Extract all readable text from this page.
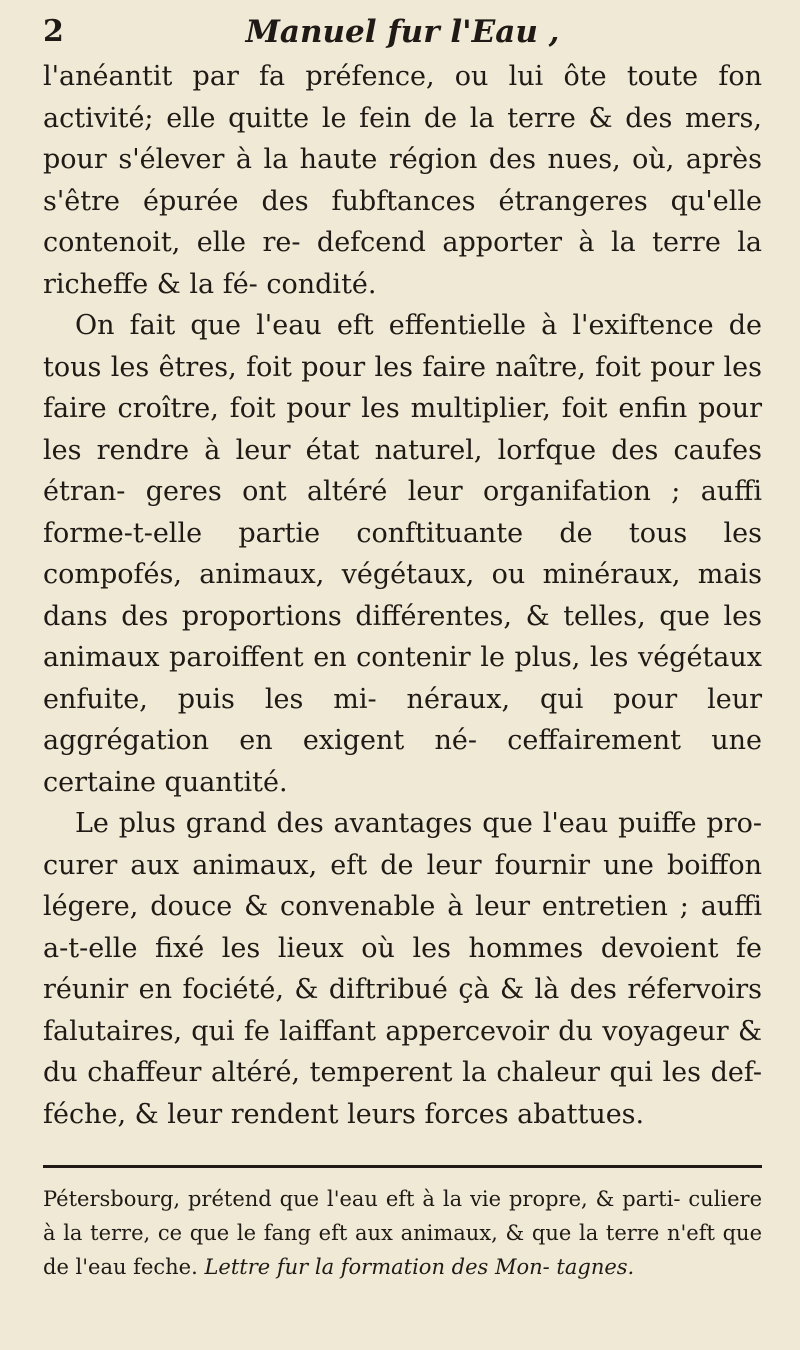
2	Manuel fur l'Eau ,

l'anéantit par fa préfence, ou lui ôte toute fon activité; elle quitte le fein de la terre & des mers, pour s'élever à la haute région des nues, où, après s'être épurée des fubftances étrangeres qu'elle contenoit, elle re- defcend apporter à la terre la richeffe & la fé- condité.

On fait que l'eau eft effentielle à l'exiftence de tous les êtres, foit pour les faire naître, foit pour les faire croître, foit pour les multiplier, foit enfin pour les rendre à leur état naturel, lorfque des caufes étran- geres ont altéré leur organifation ; auffi forme-t-elle partie conftituante de tous les compofés, animaux, végétaux, ou minéraux, mais dans des proportions différentes, & telles, que les animaux paroiffent en contenir le plus, les végétaux enfuite, puis les mi- néraux, qui pour leur aggrégation en exigent né- ceffairement une certaine quantité.

Le plus grand des avantages que l'eau puiffe pro- curer aux animaux, eft de leur fournir une boiffon légere, douce & convenable à leur entretien ; auffi a-t-elle fixé les lieux où les hommes devoient fe réunir en fociété, & diftribué çà & là des réfervoirs falutaires, qui fe laiffant appercevoir du voyageur & du chaffeur altéré, temperent la chaleur qui les def- féche, & leur rendent leurs forces abattues.

Pétersbourg, prétend que l'eau eft à la vie propre, & parti- culiere à la terre, ce que le fang eft aux animaux, & que la terre n'eft que de l'eau feche. Lettre fur la formation des Mon- tagnes.
